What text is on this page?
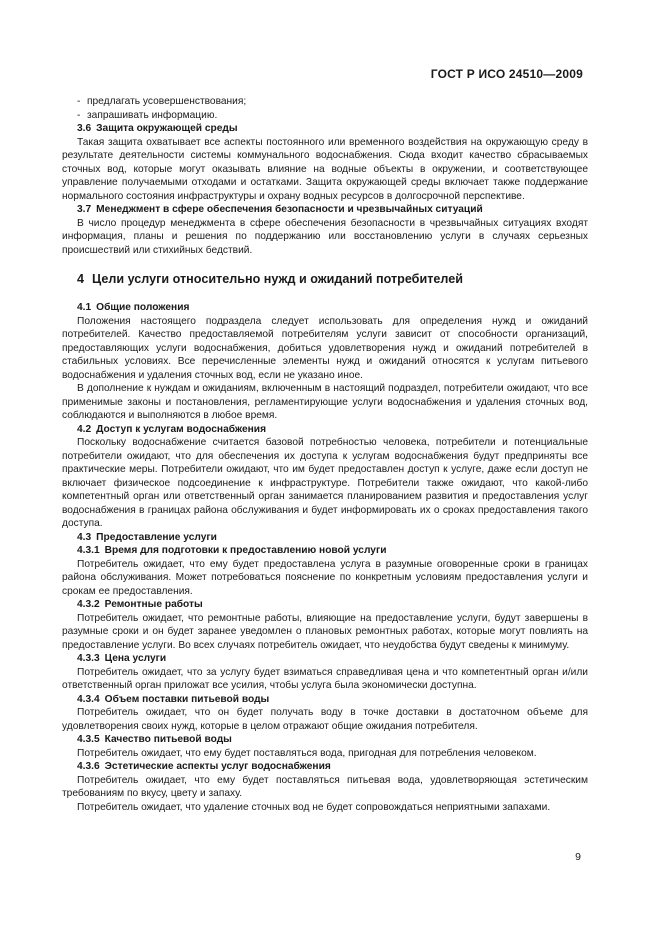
ГОСТ Р ИСО 24510—2009
- предлагать усовершенствования;
- запрашивать информацию.
3.6 Защита окружающей среды

Такая защита охватывает все аспекты постоянного или временного воздействия на окружающую среду в результате деятельности системы коммунального водоснабжения. Сюда входит качество сбрасываемых сточных вод, которые могут оказывать влияние на водные объекты в окружении, и соответствующее управление получаемыми отходами и остатками. Защита окружающей среды включает также поддержание нормального состояния инфраструктуры и охрану водных ресурсов в долгосрочной перспективе.

3.7 Менеджмент в сфере обеспечения безопасности и чрезвычайных ситуаций

В число процедур менеджмента в сфере обеспечения безопасности в чрезвычайных ситуациях входят информация, планы и решения по поддержанию или восстановлению услуги в случаях серьезных происшествий или стихийных бедствий.

4 Цели услуги относительно нужд и ожиданий потребителей
4.1 Общие положения

Положения настоящего подраздела следует использовать для определения нужд и ожиданий потребителей. Качество предоставляемой потребителям услуги зависит от способности организаций, предоставляющих услуги водоснабжения, добиться удовлетворения нужд и ожиданий потребителей в стабильных условиях. Все перечисленные элементы нужд и ожиданий относятся к услугам питьевого водоснабжения и удаления сточных вод, если не указано иное.

В дополнение к нуждам и ожиданиям, включенным в настоящий подраздел, потребители ожидают, что все применимые законы и постановления, регламентирующие услуги водоснабжения и удаления сточных вод, соблюдаются и выполняются в любое время.

4.2 Доступ к услугам водоснабжения

Поскольку водоснабжение считается базовой потребностью человека, потребители и потенциальные потребители ожидают, что для обеспечения их доступа к услугам водоснабжения будут предприняты все практические меры. Потребители ожидают, что им будет предоставлен доступ к услуге, даже если доступ не включает физическое подсоединение к инфраструктуре. Потребители также ожидают, что какой-либо компетентный орган или ответственный орган занимается планированием развития и предоставления услуг водоснабжения в границах района обслуживания и будет информировать их о сроках предоставления такого доступа.

4.3 Предоставление услуги
4.3.1 Время для подготовки к предоставлению новой услуги

Потребитель ожидает, что ему будет предоставлена услуга в разумные оговоренные сроки в границах района обслуживания. Может потребоваться пояснение по конкретным условиям предоставления услуги и срокам ее предоставления.

4.3.2 Ремонтные работы

Потребитель ожидает, что ремонтные работы, влияющие на предоставление услуги, будут завершены в разумные сроки и он будет заранее уведомлен о плановых ремонтных работах, которые могут повлиять на предоставление услуги. Во всех случаях потребитель ожидает, что неудобства будут сведены к минимуму.

4.3.3 Цена услуги

Потребитель ожидает, что за услугу будет взиматься справедливая цена и что компетентный орган и/или ответственный орган приложат все усилия, чтобы услуга была экономически доступна.

4.3.4 Объем поставки питьевой воды

Потребитель ожидает, что он будет получать воду в точке доставки в достаточном объеме для удовлетворения своих нужд, которые в целом отражают общие ожидания потребителя.

4.3.5 Качество питьевой воды

Потребитель ожидает, что ему будет поставляться вода, пригодная для потребления человеком.

4.3.6 Эстетические аспекты услуг водоснабжения

Потребитель ожидает, что ему будет поставляться питьевая вода, удовлетворяющая эстетическим требованиям по вкусу, цвету и запаху.

Потребитель ожидает, что удаление сточных вод не будет сопровождаться неприятными запахами.

9
